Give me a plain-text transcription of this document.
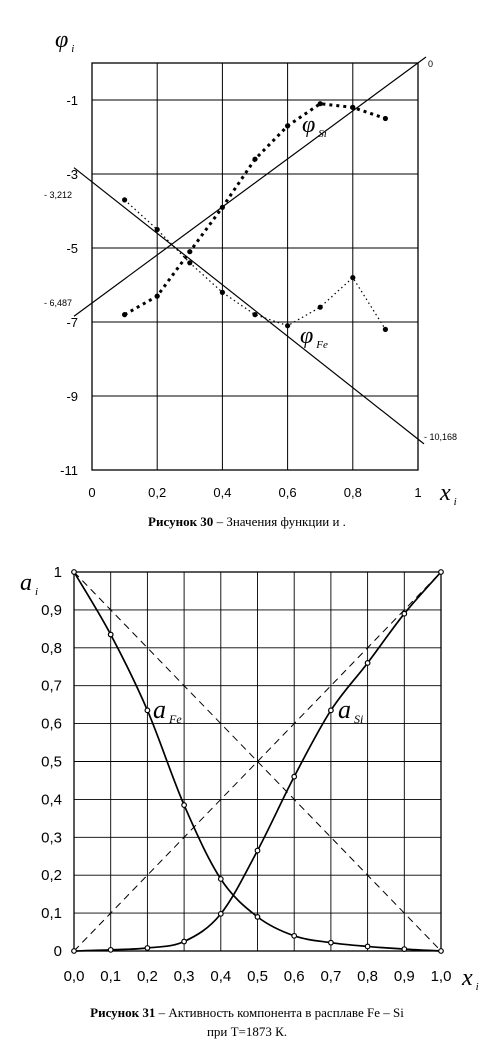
-1
-3
-5
-7
-9
-11
0	0,2	0,4	0,6	0,8	1
φ $_i$
x $_i$
0
- 3,212
- 6,487
- 10,168
φ $_{Si}$
φ $_{Fe}$
0
0,1
0,2
0,3
0,4
0,5
0,6
0,7
0,8
0,9
1
0,0 0,1 0,2 0,3 0,4 0,5 0,6 0,7 0,8 0,9 1,0
a $_i$
x $_i$
a Fe	a Si
Рисунок 30 – Значения функции и .
Рисунок 31 – Активность компонента в расплаве Fe – Si
при Т=1873 К.
